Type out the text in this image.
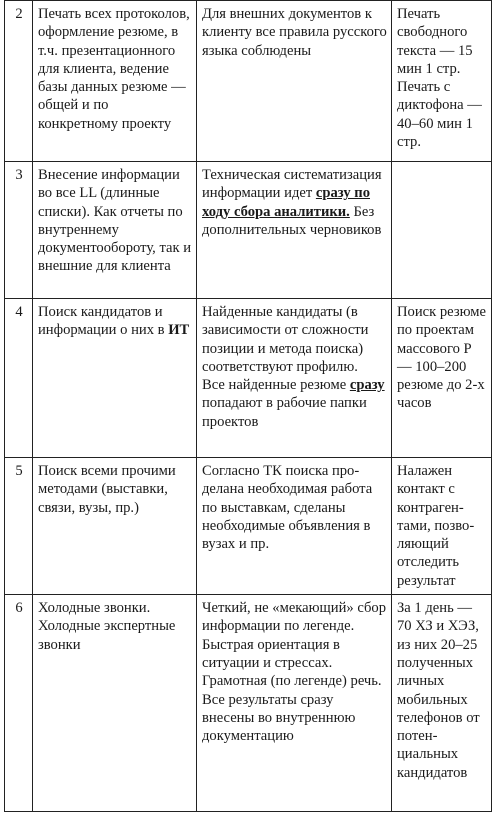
2	Печать всех протоколов, оформление резюме, в т.ч. презентационного для клиента, ведение базы данных резюме — общей и по конкретному проекту	Для внешних документов к клиенту все правила русского языка соблюдены	Печать свободного текста — 15 мин 1 стр.
Печать с диктофона — 40–60 мин 1 стр.

3	Внесение информации во все LL (длинные списки). Как отчеты по внутреннему документообороту, так и внешние для клиента	Техническая систематизация информации идет сразу по ходу сбора аналитики. Без дополнительных черновиков	

4	Поиск кандидатов и информации о них в ИТ	Найденные кандидаты (в зависимости от сложности позиции и метода поиска) соответствуют профилю.
Все найденные резюме сразу попадают в рабочие папки проектов	Поиск резюме по проектам массового Р — 100–200 резюме до 2-х часов

5	Поиск всеми прочими методами (выставки, связи, вузы, пр.)	Согласно ТК поиска проделана необходимая работа по выставкам, сделаны необходимые объявления в вузах и пр.	Налажен контакт с контрагентами, позволяющий отследить результат

6	Холодные звонки. Холодные экспертные звонки	Четкий, не «мекающий» сбор информации по легенде. Быстрая ориентация в ситуации и стрессах. Грамотная (по легенде) речь.
Все результаты сразу внесены во внутреннюю документацию	За 1 день — 70 ХЗ и ХЭЗ, из них 20–25 полученных личных мобильных телефонов от потенциальных кандидатов
